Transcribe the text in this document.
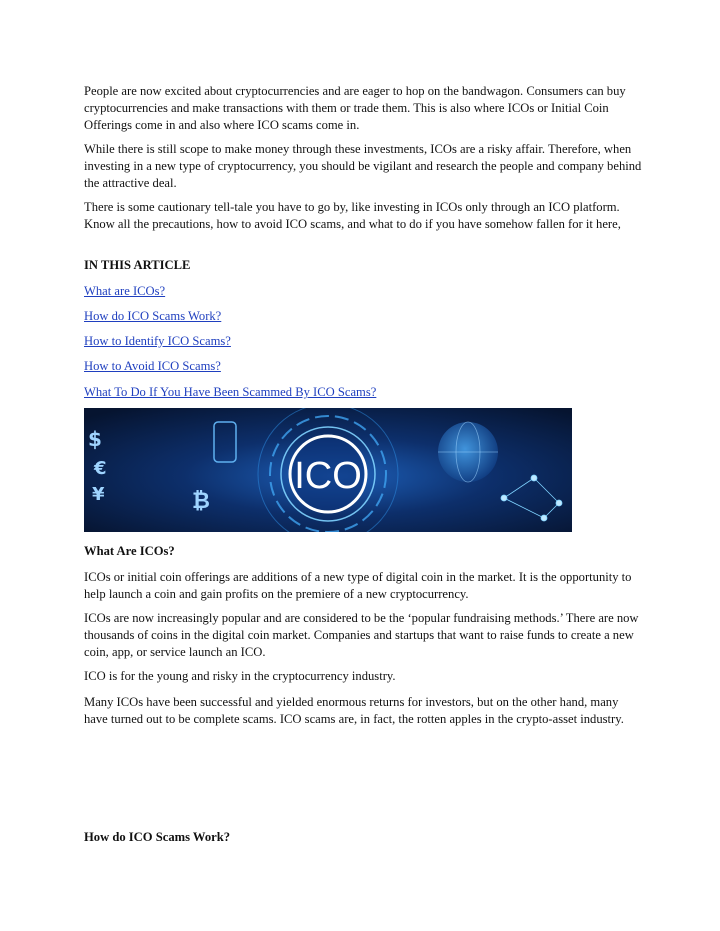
People are now excited about cryptocurrencies and are eager to hop on the bandwagon. Consumers can buy cryptocurrencies and make transactions with them or trade them. This is also where ICOs or Initial Coin Offerings come in and also where ICO scams come in.

While there is still scope to make money through these investments, ICOs are a risky affair. Therefore, when investing in a new type of cryptocurrency, you should be vigilant and research the people and company behind the attractive deal.

There is some cautionary tell-tale you have to go by, like investing in ICOs only through an ICO platform. Know all the precautions, how to avoid ICO scams, and what to do if you have somehow fallen for it here,

IN THIS ARTICLE

What are ICOs?

How do ICO Scams Work?

How to Identify ICO Scams?

How to Avoid ICO Scams?

What To Do If You Have Been Scammed By ICO Scams?

$
€
¥	₿
ICO

What Are ICOs?

ICOs or initial coin offerings are additions of a new type of digital coin in the market. It is the opportunity to help launch a coin and gain profits on the premiere of a new cryptocurrency.

ICOs are now increasingly popular and are considered to be the ‘popular fundraising methods.’ There are now thousands of coins in the digital coin market. Companies and startups that want to raise funds to create a new coin, app, or service launch an ICO.

ICO is for the young and risky in the cryptocurrency industry.

Many ICOs have been successful and yielded enormous returns for investors, but on the other hand, many have turned out to be complete scams. ICO scams are, in fact, the rotten apples in the crypto-asset industry.

How do ICO Scams Work?
